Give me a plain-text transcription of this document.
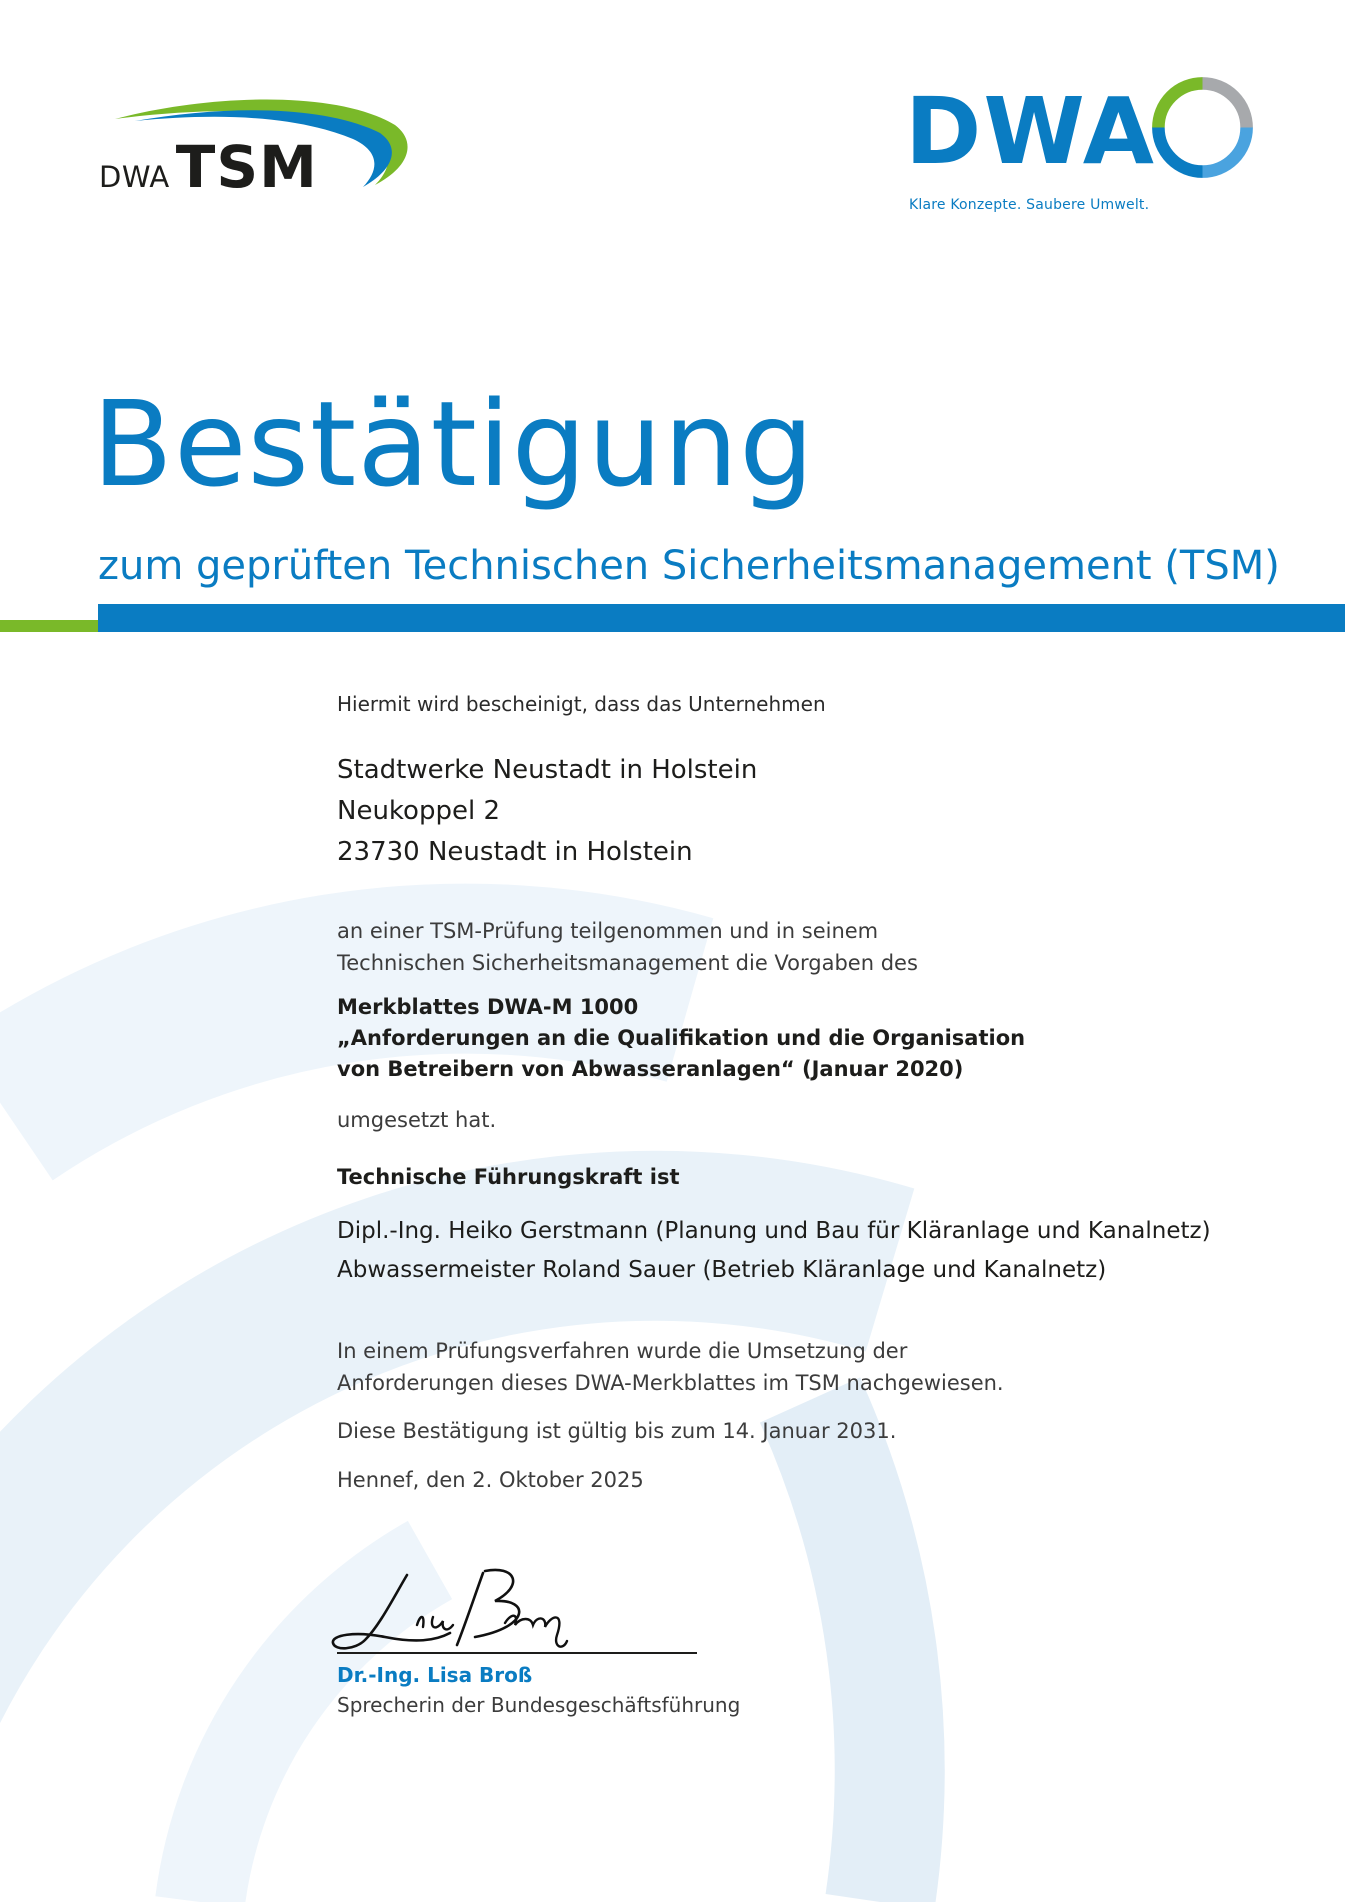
DWA TSM	DWA
Klare Konzepte. Saubere Umwelt.
Bestätigung
zum geprüften Technischen Sicherheitsmanagement (TSM)
Hiermit wird bescheinigt, dass das Unternehmen
Stadtwerke Neustadt in Holstein
Neukoppel 2
23730 Neustadt in Holstein
an einer TSM-Prüfung teilgenommen und in seinem
Technischen Sicherheitsmanagement die Vorgaben des
Merkblattes DWA-M 1000
„Anforderungen an die Qualifikation und die Organisation
von Betreibern von Abwasseranlagen“ (Januar 2020)
umgesetzt hat.
Technische Führungskraft ist
Dipl.-Ing. Heiko Gerstmann (Planung und Bau für Kläranlage und Kanalnetz)
Abwassermeister Roland Sauer (Betrieb Kläranlage und Kanalnetz)
In einem Prüfungsverfahren wurde die Umsetzung der
Anforderungen dieses DWA-Merkblattes im TSM nachgewiesen.
Diese Bestätigung ist gültig bis zum 14. Januar 2031.
Hennef, den 2. Oktober 2025
Dr.-Ing. Lisa Broß
Sprecherin der Bundesgeschäftsführung
